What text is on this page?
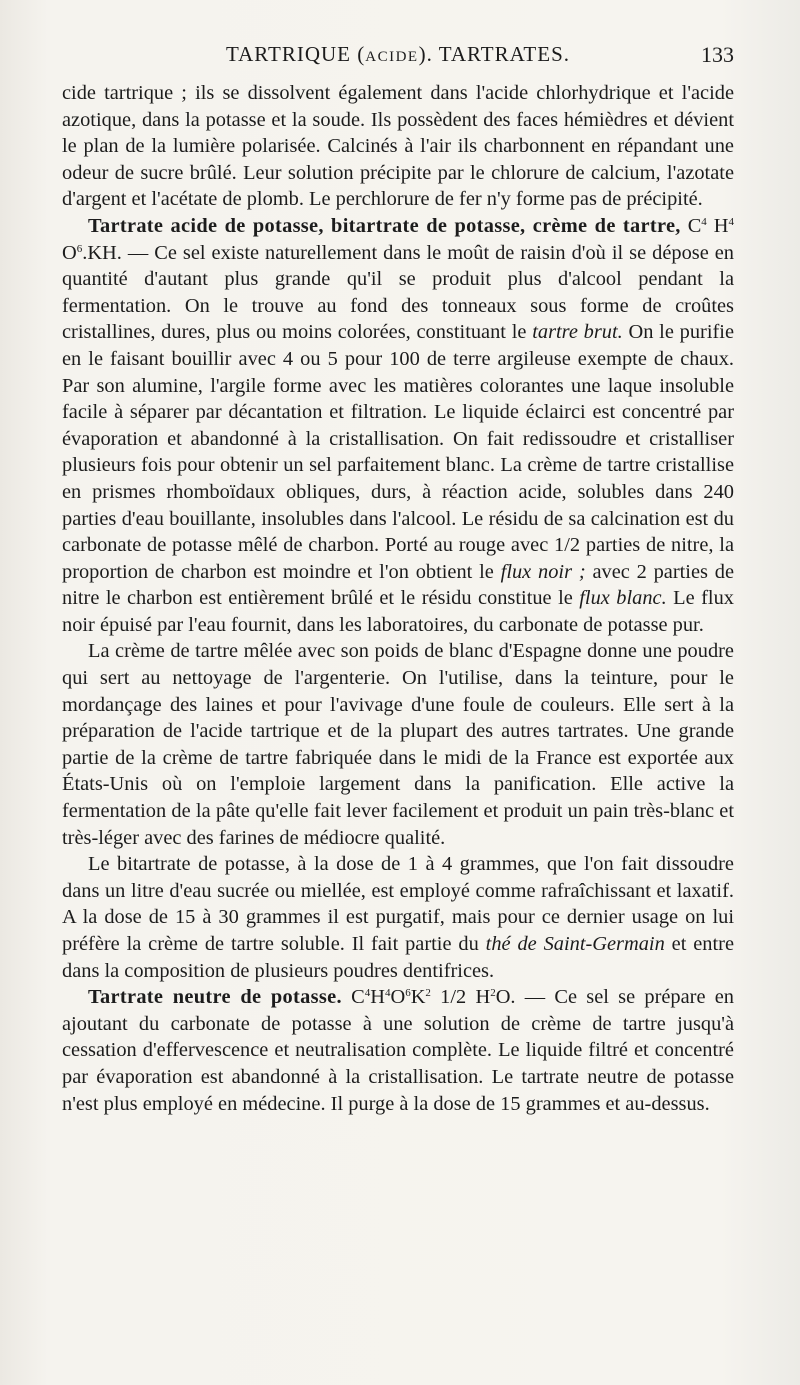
TARTRIQUE (ACIDE). TARTRATES.	133

cide tartrique ; ils se dissolvent également dans l'acide chlorhydrique et l'acide azotique, dans la potasse et la soude. Ils possèdent des faces hémièdres et dévient le plan de la lumière polarisée. Calcinés à l'air ils charbonnent en répandant une odeur de sucre brûlé. Leur solution précipite par le chlorure de calcium, l'azotate d'argent et l'acétate de plomb. Le perchlorure de fer n'y forme pas de précipité.

Tartrate acide de potasse, bitartrate de potasse, crème de tartre, $C^4$ $H^4$ $O^6.KH$. — Ce sel existe naturellement dans le moût de raisin d'où il se dépose en quantité d'autant plus grande qu'il se produit plus d'alcool pendant la fermentation. On le trouve au fond des tonneaux sous forme de croûtes cristallines, dures, plus ou moins colorées, constituant le tartre brut. On le purifie en le faisant bouillir avec 4 ou 5 pour 100 de terre argileuse exempte de chaux. Par son alumine, l'argile forme avec les matières colorantes une laque insoluble facile à séparer par décantation et filtration. Le liquide éclairci est concentré par évaporation et abandonné à la cristallisation. On fait redissoudre et cristalliser plusieurs fois pour obtenir un sel parfaitement blanc. La crème de tartre cristallise en prismes rhomboïdaux obliques, durs, à réaction acide, solubles dans 240 parties d'eau bouillante, insolubles dans l'alcool. Le résidu de sa calcination est du carbonate de potasse mêlé de charbon. Porté au rouge avec 1/2 parties de nitre, la proportion de charbon est moindre et l'on obtient le flux noir ; avec 2 parties de nitre le charbon est entièrement brûlé et le résidu constitue le flux blanc. Le flux noir épuisé par l'eau fournit, dans les laboratoires, du carbonate de potasse pur.

La crème de tartre mêlée avec son poids de blanc d'Espagne donne une poudre qui sert au nettoyage de l'argenterie. On l'utilise, dans la teinture, pour le mordançage des laines et pour l'avivage d'une foule de couleurs. Elle sert à la préparation de l'acide tartrique et de la plupart des autres tartrates. Une grande partie de la crème de tartre fabriquée dans le midi de la France est exportée aux États-Unis où on l'emploie largement dans la panification. Elle active la fermentation de la pâte qu'elle fait lever facilement et produit un pain très-blanc et très-léger avec des farines de médiocre qualité.

Le bitartrate de potasse, à la dose de 1 à 4 grammes, que l'on fait dissoudre dans un litre d'eau sucrée ou miellée, est employé comme rafraîchissant et laxatif. A la dose de 15 à 30 grammes il est purgatif, mais pour ce dernier usage on lui préfère la crème de tartre soluble. Il fait partie du thé de Saint-Germain et entre dans la composition de plusieurs poudres dentifrices.

Tartrate neutre de potasse. $C^4H^4O^6K^2$ 1/2 $H^2O$. — Ce sel se prépare en ajoutant du carbonate de potasse à une solution de crème de tartre jusqu'à cessation d'effervescence et neutralisation complète. Le liquide filtré et concentré par évaporation est abandonné à la cristallisation. Le tartrate neutre de potasse n'est plus employé en médecine. Il purge à la dose de 15 grammes et au-dessus.
